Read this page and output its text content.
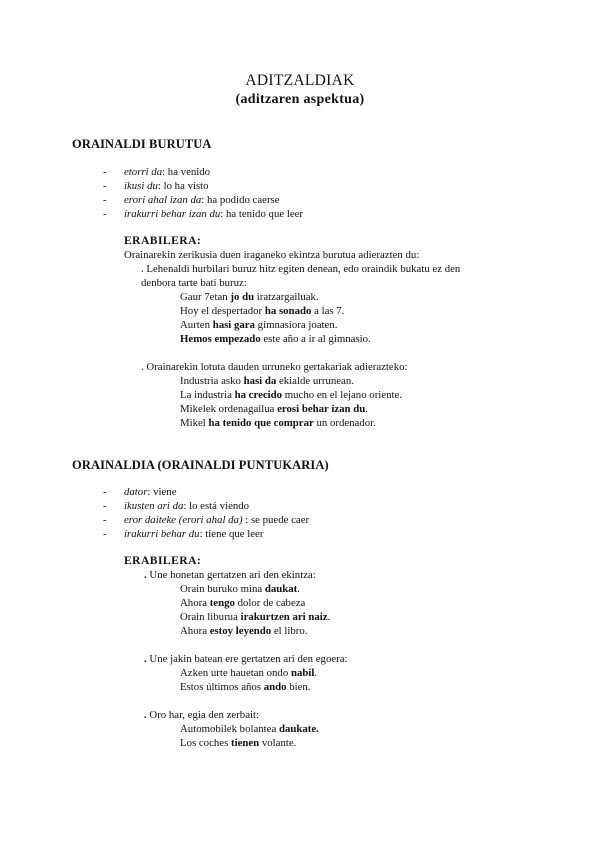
ADITZALDIAK
(aditzaren aspektua)
ORAINALDI BURUTUA
- etorri da: ha venido
- ikusi du: lo ha visto
- erori ahal izan da: ha podido caerse
- irakurri behar izan du: ha tenido que leer
ERABILERA:
Orainarekin zerikusia duen iraganeko ekintza burutua adierazten du:
. Lehenaldi hurbilari buruz hitz egiten denean, edo oraindik bukatu ez den
denbora tarte bati buruz:
Gaur 7etan jo du iratzargailuak.
Hoy el despertador ha sonado a las 7.
Aurten hasi gara gimnasiora joaten.
Hemos empezado este año a ir al gimnasio.
. Orainarekin lotuta dauden urruneko gertakariak adierazteko:
Industria asko hasi da ekialde urrunean.
La industria ha crecido mucho en el lejano oriente.
Mikelek ordenagailua erosi behar izan du.
Mikel ha tenido que comprar un ordenador.
ORAINALDIA (ORAINALDI PUNTUKARIA)
- dator: viene
- ikusten ari da: lo está viendo
- eror daiteke (erori ahal da) : se puede caer
- irakurri behar du: tiene que leer
ERABILERA:
. Une honetan gertatzen ari den ekintza:
Orain buruko mina daukat.
Ahora tengo dolor de cabeza
Orain liburua irakurtzen ari naiz.
Ahora estoy leyendo el libro.
. Une jakin batean ere gertatzen ari den egoera:
Azken urte hauetan ondo nabil.
Estos últimos años ando bien.
. Oro har, egia den zerbait:
Automobilek bolantea daukate.
Los coches tienen volante.
